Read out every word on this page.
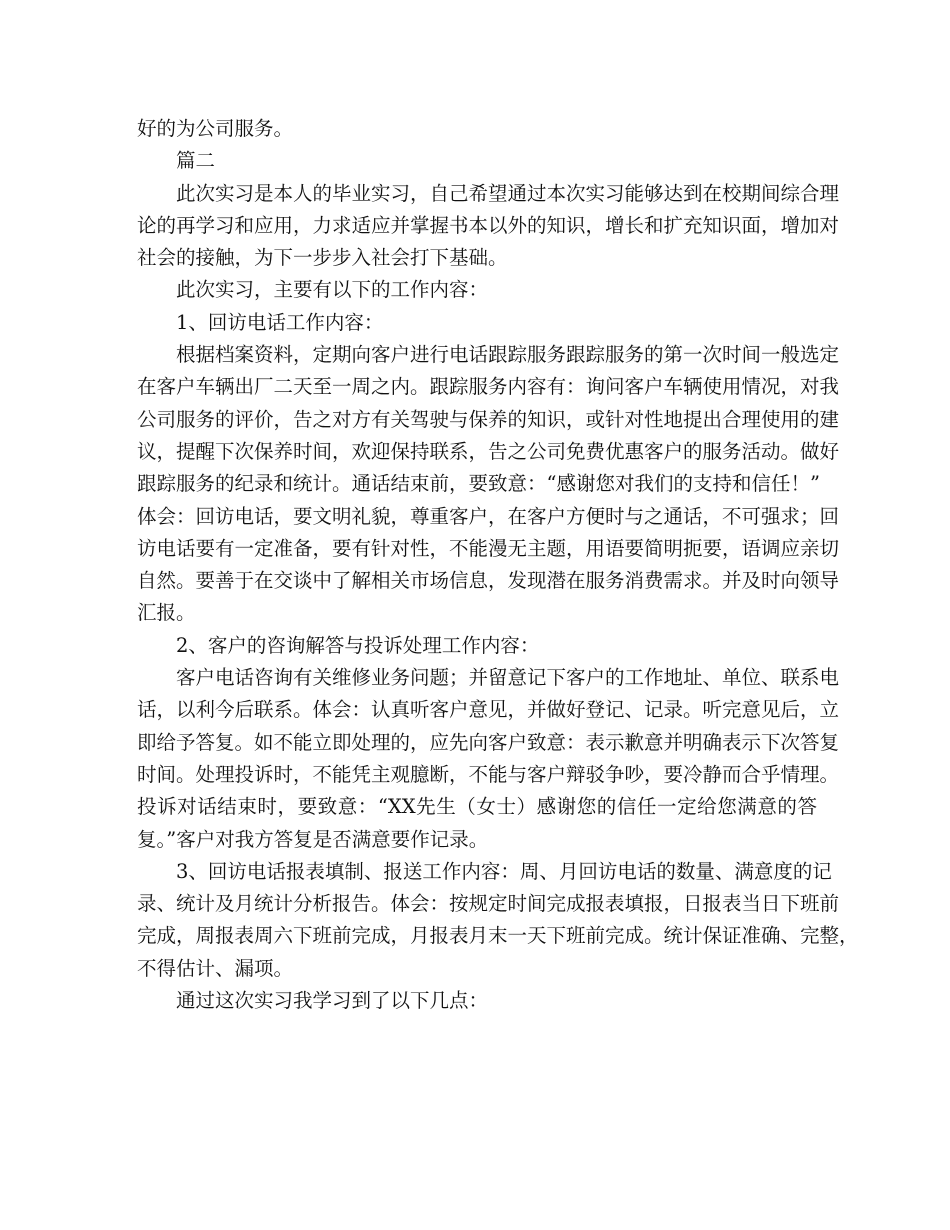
好的为公司服务。
篇二
此次实习是本人的毕业实习，自己希望通过本次实习能够达到在校期间综合理
论的再学习和应用，力求适应并掌握书本以外的知识，增长和扩充知识面，增加对
社会的接触，为下一步步入社会打下基础。
此次实习，主要有以下的工作内容：
1、回访电话工作内容：
根据档案资料，定期向客户进行电话跟踪服务跟踪服务的第一次时间一般选定
在客户车辆出厂二天至一周之内。跟踪服务内容有：询问客户车辆使用情况，对我
公司服务的评价，告之对方有关驾驶与保养的知识，或针对性地提出合理使用的建
议，提醒下次保养时间，欢迎保持联系，告之公司免费优惠客户的服务活动。做好
跟踪服务的纪录和统计。通话结束前，要致意：“感谢您对我们的支持和信任！”
体会：回访电话，要文明礼貌，尊重客户，在客户方便时与之通话，不可强求；回
访电话要有一定准备，要有针对性，不能漫无主题，用语要简明扼要，语调应亲切
自然。要善于在交谈中了解相关市场信息，发现潜在服务消费需求。并及时向领导
汇报。
2、客户的咨询解答与投诉处理工作内容：
客户电话咨询有关维修业务问题；并留意记下客户的工作地址、单位、联系电
话，以利今后联系。体会：认真听客户意见，并做好登记、记录。听完意见后，立
即给予答复。如不能立即处理的，应先向客户致意：表示歉意并明确表示下次答复
时间。处理投诉时，不能凭主观臆断，不能与客户辩驳争吵，要冷静而合乎情理。
投诉对话结束时，要致意：“XX先生（女士）感谢您的信任一定给您满意的答
复。”客户对我方答复是否满意要作记录。
3、回访电话报表填制、报送工作内容：周、月回访电话的数量、满意度的记
录、统计及月统计分析报告。体会：按规定时间完成报表填报，日报表当日下班前
完成，周报表周六下班前完成，月报表月末一天下班前完成。统计保证准确、完整，
不得估计、漏项。
通过这次实习我学习到了以下几点：
